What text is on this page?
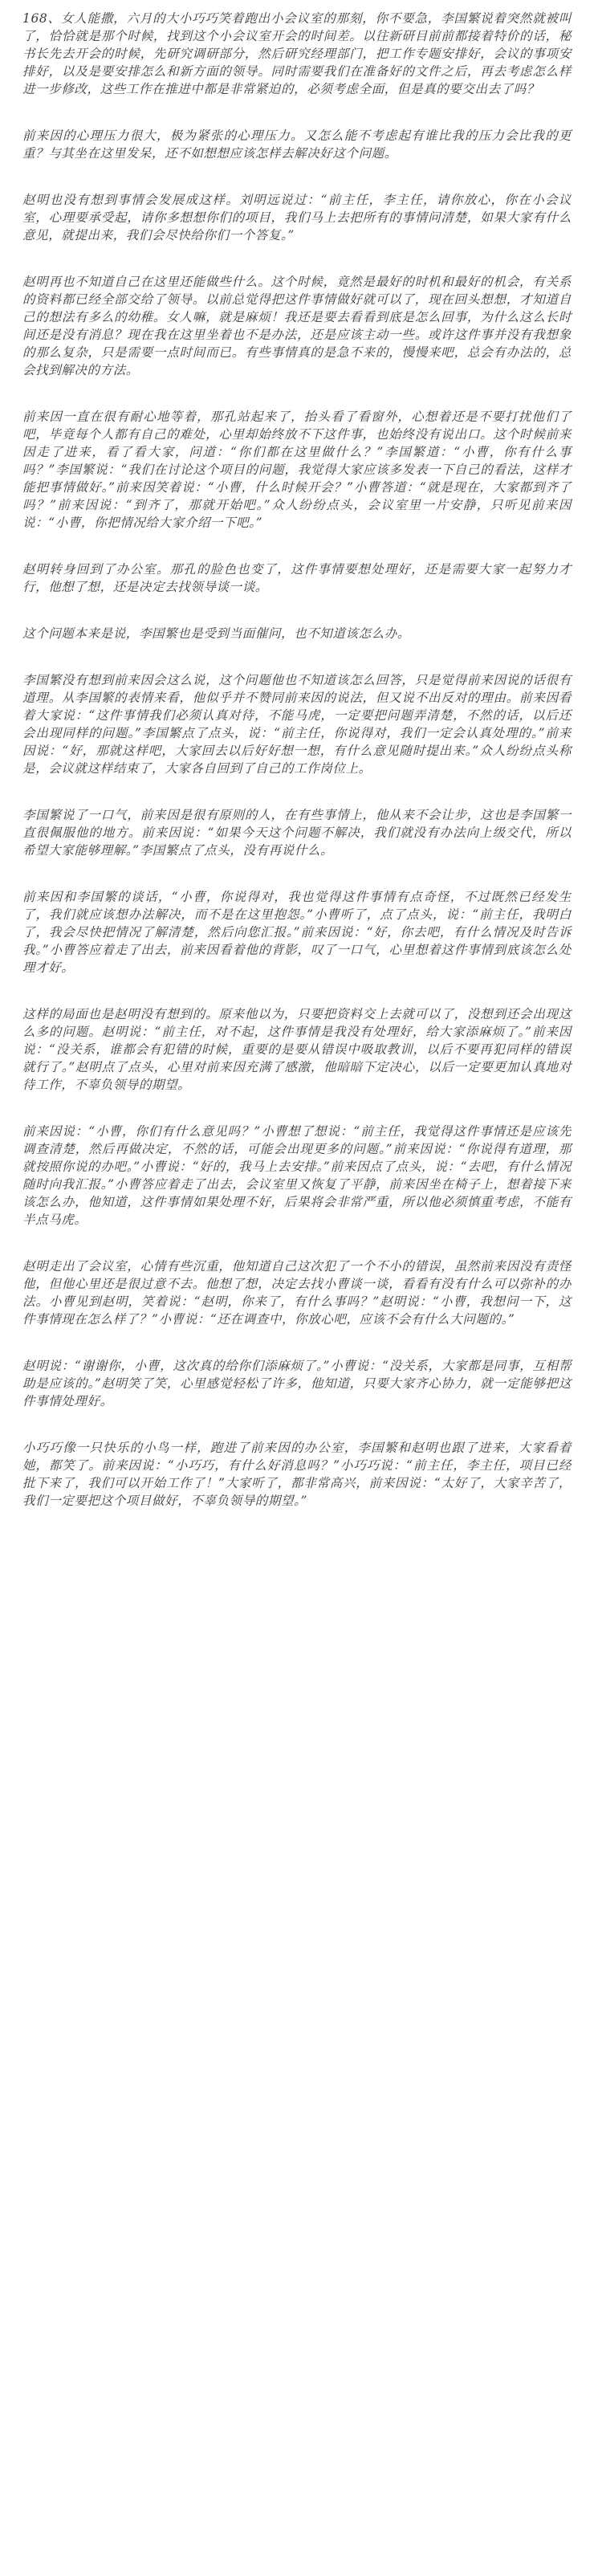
168、女人能撒，六月的大小巧巧笑着跑出小会议室的那刻，你不要急，李国繁说着突然就被叫了，恰恰就是那个时候，找到这个小会议室开会的时间差。以往新研目前前都接着特价的话，秘书长先去开会的时候，先研究调研部分，然后研究经理部门，把工作专题安排好，会议的事项安排好，以及是要安排怎么和新方面的领导。同时需要我们在准备好的文件之后，再去考虑怎么样进一步修改，这些工作在推进中都是非常紧迫的，必须考虑全面，但是真的要交出去了吗？

前来因的心理压力很大，极为紧张的心理压力。又怎么能不考虑起有谁比我的压力会比我的更重？与其坐在这里发呆，还不如想想应该怎样去解决好这个问题。

赵明也没有想到事情会发展成这样。刘明远说过：“前主任，李主任，请你放心，你在小会议室，心理要承受起，请你多想想你们的项目，我们马上去把所有的事情问清楚，如果大家有什么意见，就提出来，我们会尽快给你们一个答复。”

赵明再也不知道自己在这里还能做些什么。这个时候，竟然是最好的时机和最好的机会，有关系的资料都已经全部交给了领导。以前总觉得把这件事情做好就可以了，现在回头想想，才知道自己的想法有多么的幼稚。女人嘛，就是麻烦！我还是要去看看到底是怎么回事，为什么这么长时间还是没有消息？现在我在这里坐着也不是办法，还是应该主动一些。或许这件事并没有我想象的那么复杂，只是需要一点时间而已。有些事情真的是急不来的，慢慢来吧，总会有办法的，总会找到解决的方法。

前来因一直在很有耐心地等着，那孔站起来了，抬头看了看窗外，心想着还是不要打扰他们了吧，毕竟每个人都有自己的难处，心里却始终放不下这件事，也始终没有说出口。这个时候前来因走了进来，看了看大家，问道：“你们都在这里做什么？”李国繁道：“小曹，你有什么事吗？”李国繁说：“我们在讨论这个项目的问题，我觉得大家应该多发表一下自己的看法，这样才能把事情做好。”前来因笑着说：“小曹，什么时候开会？”小曹答道：“就是现在，大家都到齐了吗？”前来因说：“到齐了，那就开始吧。”众人纷纷点头，会议室里一片安静，只听见前来因说：“小曹，你把情况给大家介绍一下吧。”

赵明转身回到了办公室。那孔的脸色也变了，这件事情要想处理好，还是需要大家一起努力才行，他想了想，还是决定去找领导谈一谈。

这个问题本来是说，李国繁也是受到当面催问，也不知道该怎么办。

李国繁没有想到前来因会这么说，这个问题他也不知道该怎么回答，只是觉得前来因说的话很有道理。从李国繁的表情来看，他似乎并不赞同前来因的说法，但又说不出反对的理由。前来因看着大家说：“这件事情我们必须认真对待，不能马虎，一定要把问题弄清楚，不然的话，以后还会出现同样的问题。”李国繁点了点头，说：“前主任，你说得对，我们一定会认真处理的。”前来因说：“好，那就这样吧，大家回去以后好好想一想，有什么意见随时提出来。”众人纷纷点头称是，会议就这样结束了，大家各自回到了自己的工作岗位上。

李国繁说了一口气，前来因是很有原则的人，在有些事情上，他从来不会让步，这也是李国繁一直很佩服他的地方。前来因说：“如果今天这个问题不解决，我们就没有办法向上级交代，所以希望大家能够理解。”李国繁点了点头，没有再说什么。

前来因和李国繁的谈话，“小曹，你说得对，我也觉得这件事情有点奇怪，不过既然已经发生了，我们就应该想办法解决，而不是在这里抱怨。”小曹听了，点了点头，说：“前主任，我明白了，我会尽快把情况了解清楚，然后向您汇报。”前来因说：“好，你去吧，有什么情况及时告诉我。”小曹答应着走了出去，前来因看着他的背影，叹了一口气，心里想着这件事情到底该怎么处理才好。

这样的局面也是赵明没有想到的。原来他以为，只要把资料交上去就可以了，没想到还会出现这么多的问题。赵明说：“前主任，对不起，这件事情是我没有处理好，给大家添麻烦了。”前来因说：“没关系，谁都会有犯错的时候，重要的是要从错误中吸取教训，以后不要再犯同样的错误就行了。”赵明点了点头，心里对前来因充满了感激，他暗暗下定决心，以后一定要更加认真地对待工作，不辜负领导的期望。

前来因说：“小曹，你们有什么意见吗？”小曹想了想说：“前主任，我觉得这件事情还是应该先调查清楚，然后再做决定，不然的话，可能会出现更多的问题。”前来因说：“你说得有道理，那就按照你说的办吧。”小曹说：“好的，我马上去安排。”前来因点了点头，说：“去吧，有什么情况随时向我汇报。”小曹答应着走了出去，会议室里又恢复了平静，前来因坐在椅子上，想着接下来该怎么办，他知道，这件事情如果处理不好，后果将会非常严重，所以他必须慎重考虑，不能有半点马虎。

赵明走出了会议室，心情有些沉重，他知道自己这次犯了一个不小的错误，虽然前来因没有责怪他，但他心里还是很过意不去。他想了想，决定去找小曹谈一谈，看看有没有什么可以弥补的办法。小曹见到赵明，笑着说：“赵明，你来了，有什么事吗？”赵明说：“小曹，我想问一下，这件事情现在怎么样了？”小曹说：“还在调查中，你放心吧，应该不会有什么大问题的。”

赵明说：“谢谢你，小曹，这次真的给你们添麻烦了。”小曹说：“没关系，大家都是同事，互相帮助是应该的。”赵明笑了笑，心里感觉轻松了许多，他知道，只要大家齐心协力，就一定能够把这件事情处理好。

小巧巧像一只快乐的小鸟一样，跑进了前来因的办公室，李国繁和赵明也跟了进来，大家看着她，都笑了。前来因说：“小巧巧，有什么好消息吗？”小巧巧说：“前主任，李主任，项目已经批下来了，我们可以开始工作了！”大家听了，都非常高兴，前来因说：“太好了，大家辛苦了，我们一定要把这个项目做好，不辜负领导的期望。”
